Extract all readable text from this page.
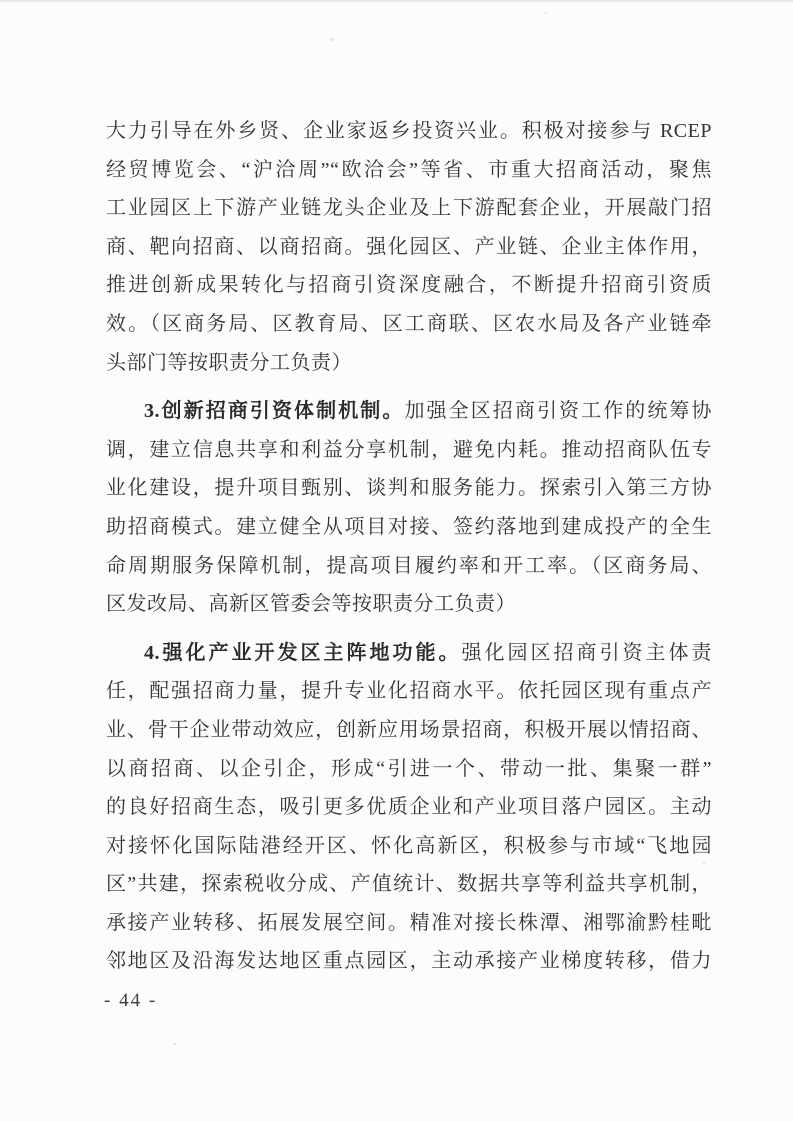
大力引导在外乡贤、企业家返乡投资兴业。积极对接参与 RCEP
经贸博览会、“沪洽周”“欧洽会”等省、市重大招商活动，聚焦
工业园区上下游产业链龙头企业及上下游配套企业，开展敲门招
商、靶向招商、以商招商。强化园区、产业链、企业主体作用，
推进创新成果转化与招商引资深度融合，不断提升招商引资质
效。（区商务局、区教育局、区工商联、区农水局及各产业链牵
头部门等按职责分工负责）
3.创新招商引资体制机制。加强全区招商引资工作的统筹协
调，建立信息共享和利益分享机制，避免内耗。推动招商队伍专
业化建设，提升项目甄别、谈判和服务能力。探索引入第三方协
助招商模式。建立健全从项目对接、签约落地到建成投产的全生
命周期服务保障机制，提高项目履约率和开工率。（区商务局、
区发改局、高新区管委会等按职责分工负责）
4.强化产业开发区主阵地功能。强化园区招商引资主体责
任，配强招商力量，提升专业化招商水平。依托园区现有重点产
业、骨干企业带动效应，创新应用场景招商，积极开展以情招商、
以商招商、以企引企，形成“引进一个、带动一批、集聚一群”
的良好招商生态，吸引更多优质企业和产业项目落户园区。主动
对接怀化国际陆港经开区、怀化高新区，积极参与市域“飞地园
区”共建，探索税收分成、产值统计、数据共享等利益共享机制，
承接产业转移、拓展发展空间。精准对接长株潭、湘鄂渝黔桂毗
邻地区及沿海发达地区重点园区，主动承接产业梯度转移，借力
- 44 -
